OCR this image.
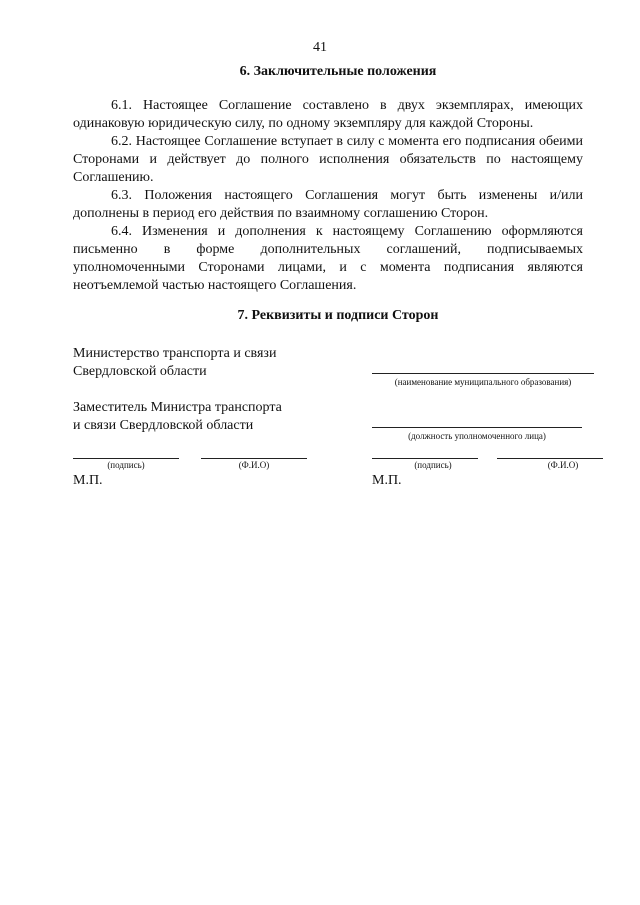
41
6. Заключительные положения

6.1. Настоящее Соглашение составлено в двух экземплярах, имеющих одинаковую юридическую силу, по одному экземпляру для каждой Стороны.

6.2. Настоящее Соглашение вступает в силу с момента его подписания обеими Сторонами и действует до полного исполнения обязательств по настоящему Соглашению.

6.3. Положения настоящего Соглашения могут быть изменены и/или дополнены в период его действия по взаимному соглашению Сторон.

6.4. Изменения и дополнения к настоящему Соглашению оформляются письменно в форме дополнительных соглашений, подписываемых уполномоченными Сторонами лицами, и с момента подписания являются неотъемлемой частью настоящего Соглашения.

7. Реквизиты и подписи Сторон
Министерство транспорта и связи
Свердловской области
Заместитель Министра транспорта
и связи Свердловской области
(подпись)	(Ф.И.О)
М.П.
(наименование муниципального образования)
(должность уполномоченного лица)
(подпись)	(Ф.И.О)
М.П.
